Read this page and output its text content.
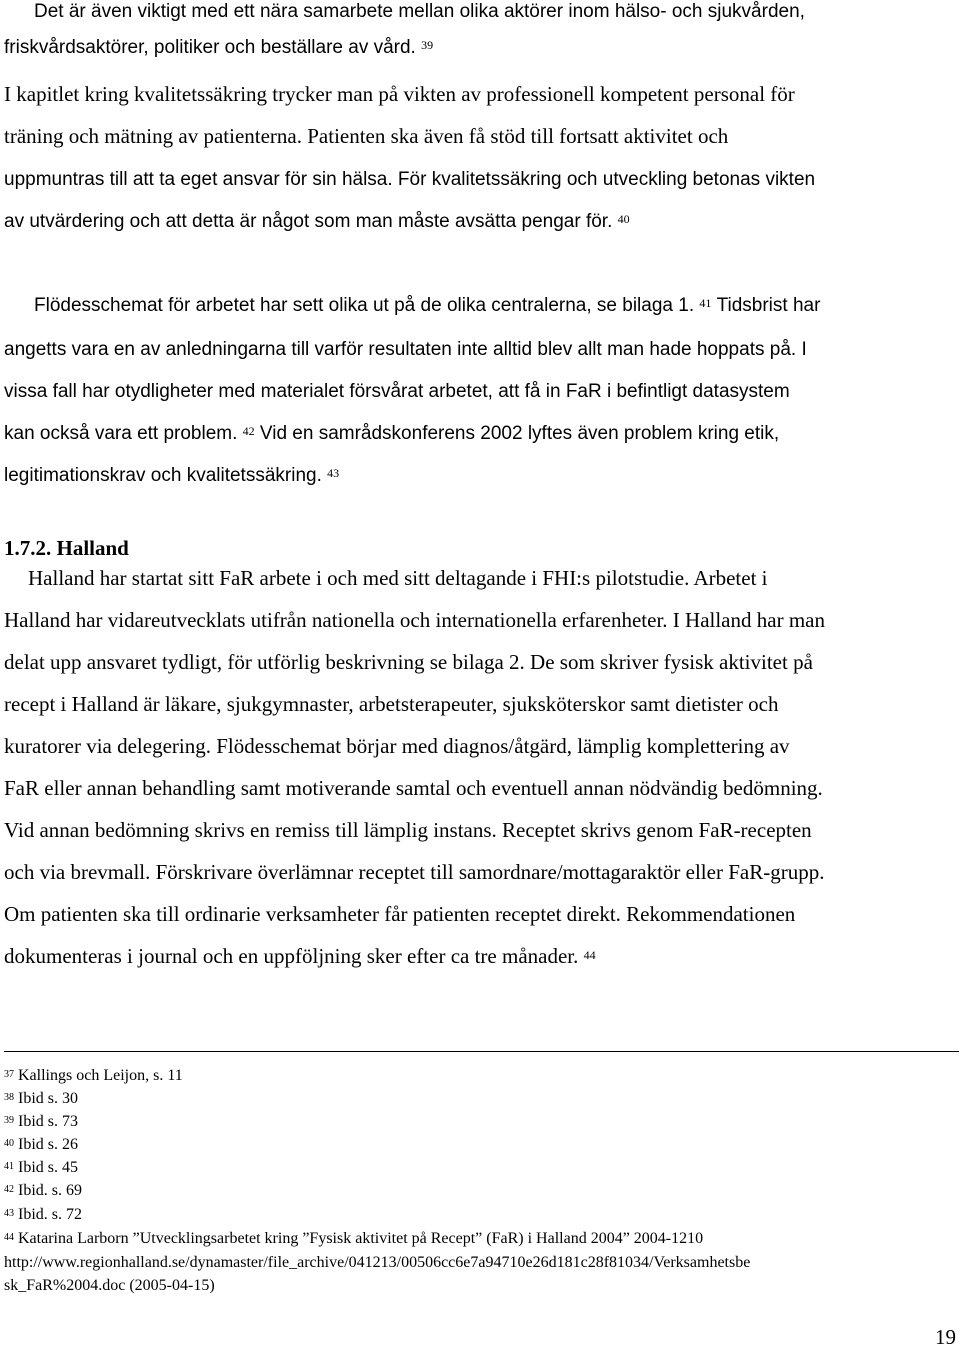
Det är även viktigt med ett nära samarbete mellan olika aktörer inom hälso- och sjukvården,
friskvårdsaktörer, politiker och beställare av vård. $^{39}$
I kapitlet kring kvalitetssäkring trycker man på vikten av professionell kompetent personal för
träning och mätning av patienterna. Patienten ska även få stöd till fortsatt aktivitet och
uppmuntras till att ta eget ansvar för sin hälsa. För kvalitetssäkring och utveckling betonas vikten
av utvärdering och att detta är något som man måste avsätta pengar för. $^{40}$
Flödesschemat för arbetet har sett olika ut på de olika centralerna, se bilaga 1. $^{41}$ Tidsbrist har
angetts vara en av anledningarna till varför resultaten inte alltid blev allt man hade hoppats på. I
vissa fall har otydligheter med materialet försvårat arbetet, att få in FaR i befintligt datasystem
kan också vara ett problem. $^{42}$ Vid en samrådskonferens 2002 lyftes även problem kring etik,
legitimationskrav och kvalitetssäkring. $^{43}$
1.7.2. Halland
Halland har startat sitt FaR arbete i och med sitt deltagande i FHI:s pilotstudie. Arbetet i
Halland har vidareutvecklats utifrån nationella och internationella erfarenheter. I Halland har man
delat upp ansvaret tydligt, för utförlig beskrivning se bilaga 2. De som skriver fysisk aktivitet på
recept i Halland är läkare, sjukgymnaster, arbetsterapeuter, sjuksköterskor samt dietister och
kuratorer via delegering. Flödesschemat börjar med diagnos/åtgärd, lämplig komplettering av
FaR eller annan behandling samt motiverande samtal och eventuell annan nödvändig bedömning.
Vid annan bedömning skrivs en remiss till lämplig instans. Receptet skrivs genom FaR-recepten
och via brevmall. Förskrivare överlämnar receptet till samordnare/mottagaraktör eller FaR-grupp.
Om patienten ska till ordinarie verksamheter får patienten receptet direkt. Rekommendationen
dokumenteras i journal och en uppföljning sker efter ca tre månader. $^{44}$
$^{37}$ Kallings och Leijon, s. 11
$^{38}$ Ibid s. 30
$^{39}$ Ibid s. 73
$^{40}$ Ibid s. 26
$^{41}$ Ibid s. 45
$^{42}$ Ibid. s. 69
$^{43}$ Ibid. s. 72
$^{44}$ Katarina Larborn ”Utvecklingsarbetet kring ”Fysisk aktivitet på Recept” (FaR) i Halland 2004” 2004-1210
http://www.regionhalland.se/dynamaster/file_archive/041213/00506cc6e7a94710e26d181c28f81034/Verksamhetsbe
sk_FaR%2004.doc (2005-04-15)
19
